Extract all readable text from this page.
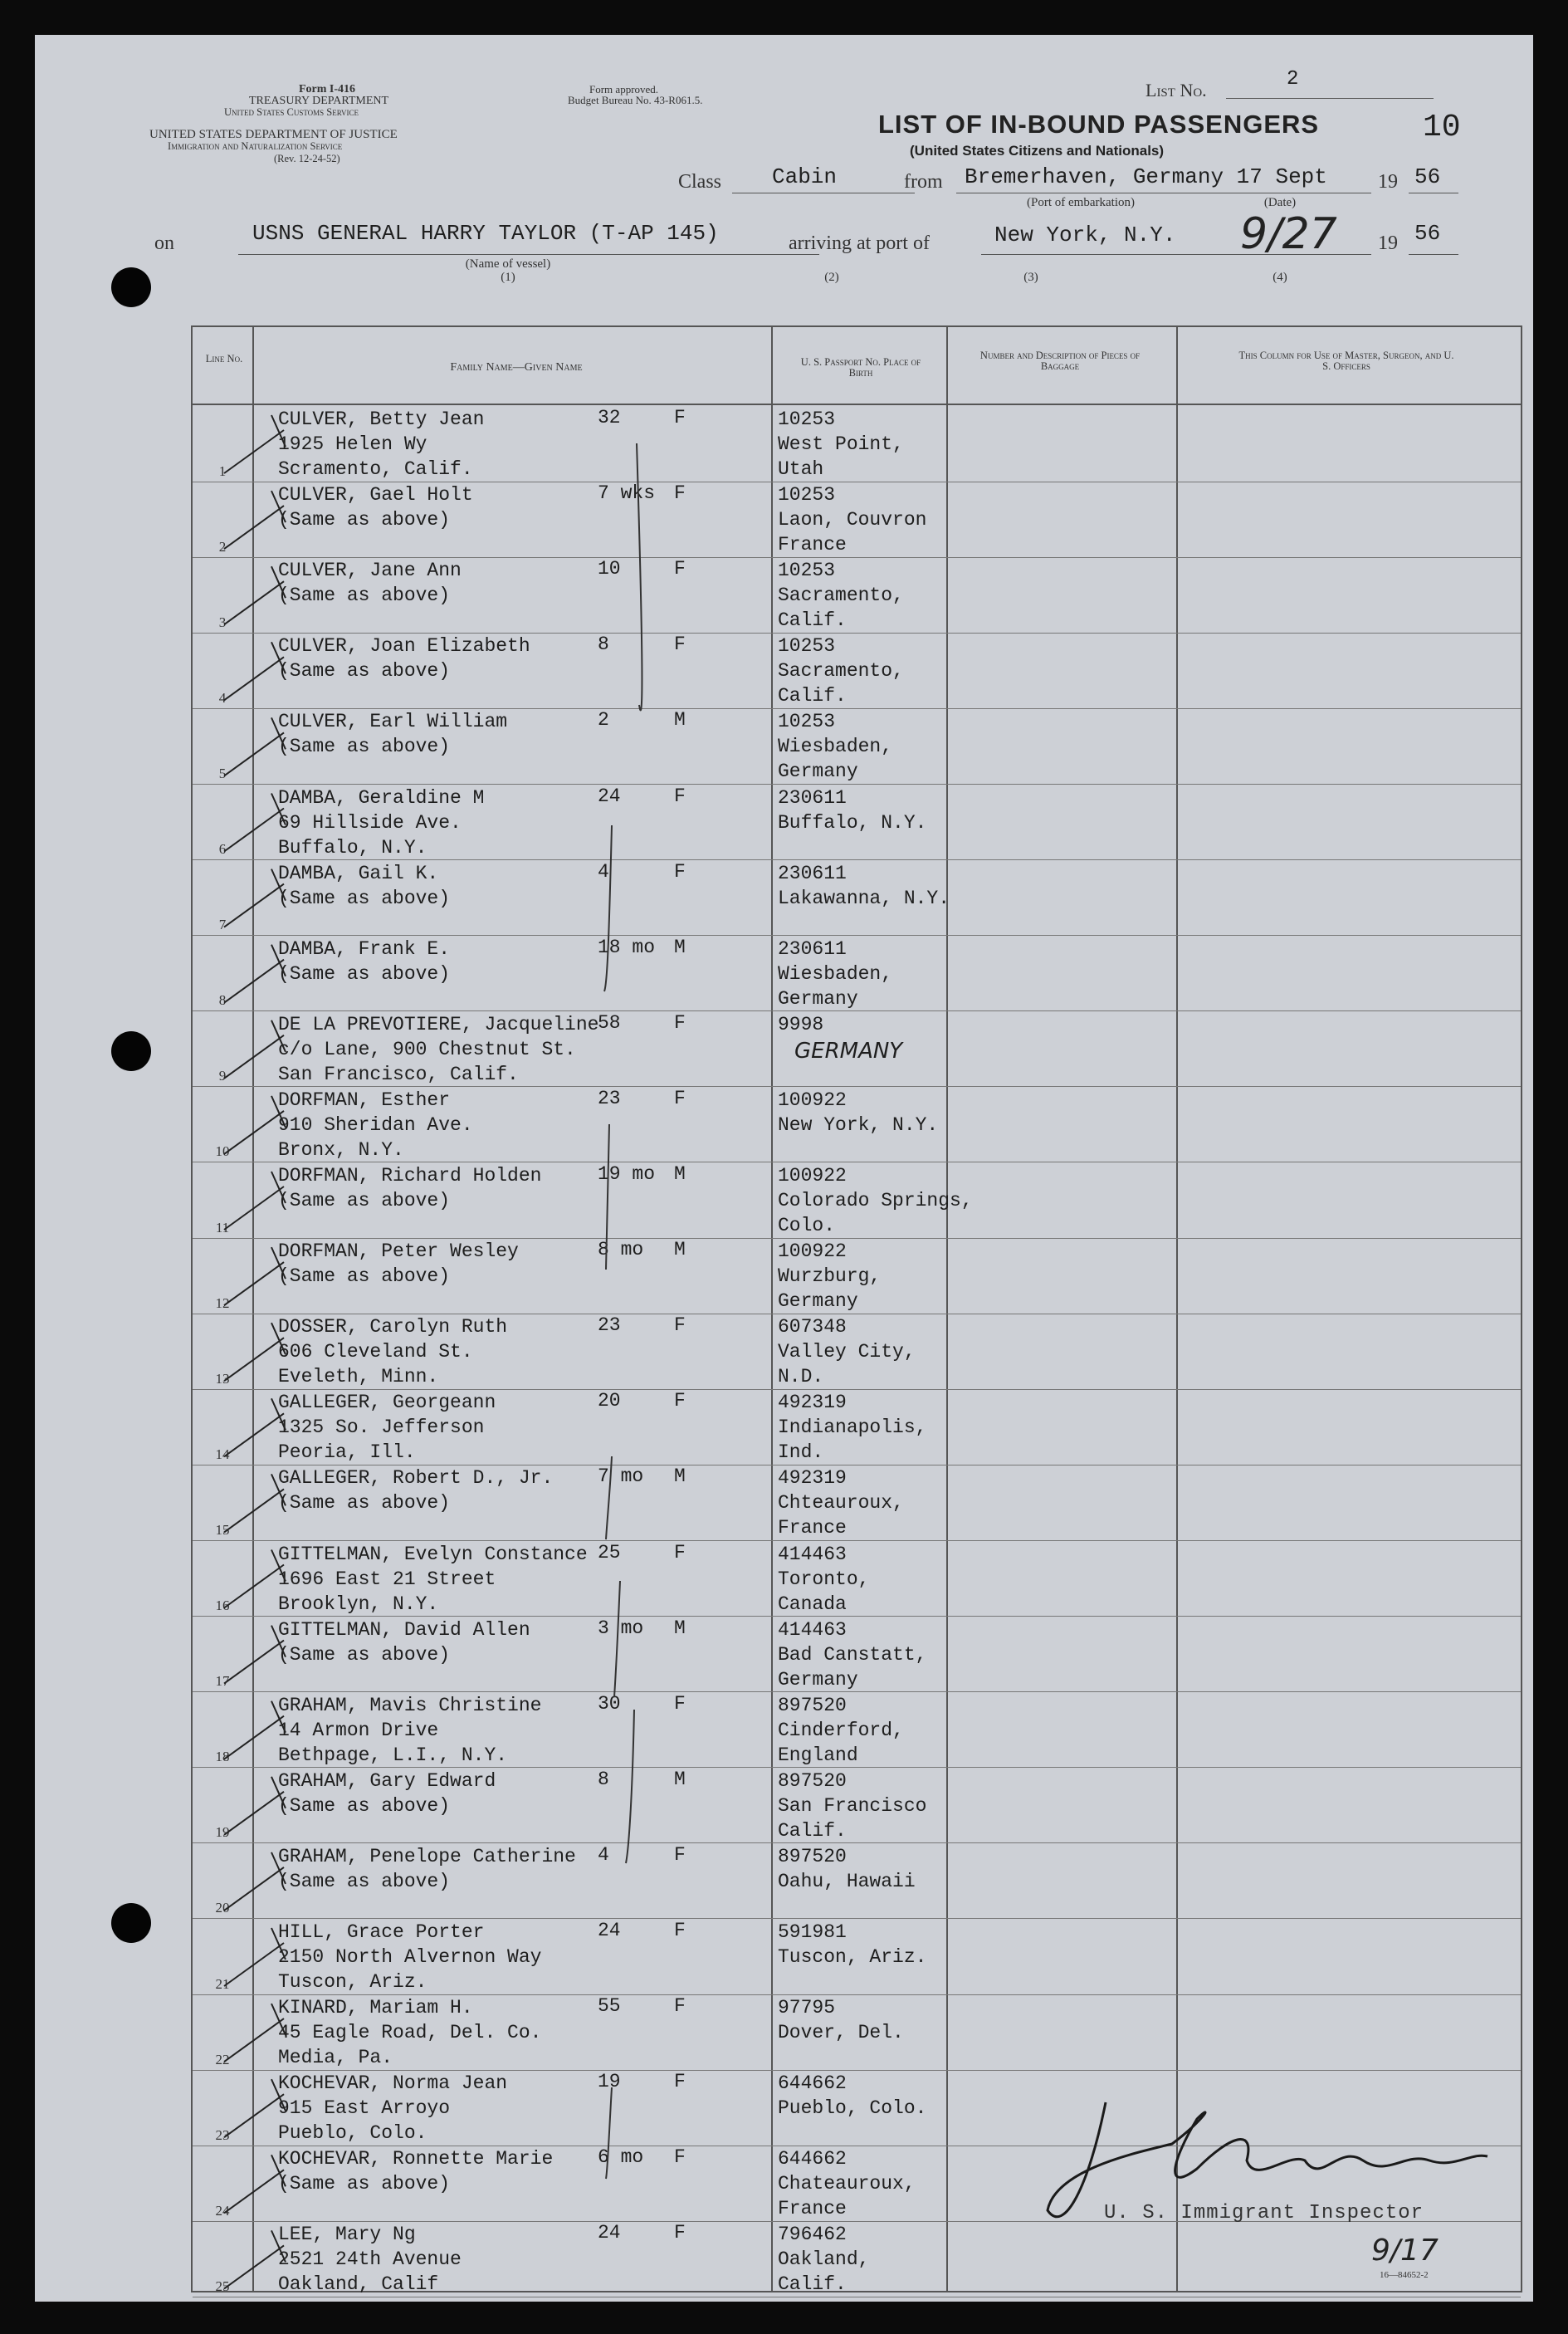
Form I-416
TREASURY DEPARTMENT
United States Customs Service
UNITED STATES DEPARTMENT OF JUSTICE
Immigration and Naturalization Service
(Rev. 12-24-52)
Form approved.
Budget Bureau No. 43-R061.5.	List No.	2
LIST OF IN-BOUND PASSENGERS
(United States Citizens and Nationals)
10
Class Cabin	from Bremerhaven, Germany 17 Sept	19 56
(Port of embarkation)	(Date)
on	USNS GENERAL HARRY TAYLOR (T-AP 145)
(Name of vessel)
(1)
arriving at port of
(2)
New York, N.Y.
(3)
9/27
(4)
19 56
Line No.
Family Name—Given Name	U. S. Passport No. Place of Birth
Number and Description of Pieces of Baggage
This Column for Use of Master, Surgeon, and U. S. Officers
1
CULVER, Betty Jean
1925 Helen Wy
Scramento, Calif.
32	F	10253
West Point,
Utah
2
CULVER, Gael Holt
(Same as above)
7 wks F	10253
Laon, Couvron
France
3
CULVER, Jane Ann
(Same as above)
10	F	10253
Sacramento,
Calif.
4
CULVER, Joan Elizabeth
(Same as above)
8	F	10253
Sacramento,
Calif.
5
CULVER, Earl William
(Same as above)
2	M	10253
Wiesbaden,
Germany
6
DAMBA, Geraldine M
69 Hillside Ave.
Buffalo, N.Y.
24	F	230611
Buffalo, N.Y.
7
DAMBA, Gail K.
(Same as above)
4	F	230611
Lakawanna, N.Y.
8
DAMBA, Frank E.
(Same as above)
18 mo M	230611
Wiesbaden,
Germany
9
DE LA PREVOTIERE, Jacqueline
c/o Lane, 900 Chestnut St.
San Francisco, Calif.
58	F	9998
GERMANY
10
DORFMAN, Esther
910 Sheridan Ave.
Bronx, N.Y.
23	F	100922
New York, N.Y.
11
DORFMAN, Richard Holden
(Same as above)
19 mo M	100922
Colorado Springs,
Colo.
12
DORFMAN, Peter Wesley
(Same as above)
8 mo M	100922
Wurzburg,
Germany
13
DOSSER, Carolyn Ruth
606 Cleveland St.
Eveleth, Minn.
23	F	607348
Valley City,
N.D.
14
GALLEGER, Georgeann
1325 So. Jefferson
Peoria, Ill.
20	F	492319
Indianapolis,
Ind.
15
GALLEGER, Robert D., Jr.
(Same as above)
7 mo M	492319
Chteauroux,
France
16
GITTELMAN, Evelyn Constance
1696 East 21 Street
Brooklyn, N.Y.
25	F	414463
Toronto,
Canada
17
GITTELMAN, David Allen
(Same as above)
3 mo M	414463
Bad Canstatt,
Germany
18
GRAHAM, Mavis Christine
14 Armon Drive
Bethpage, L.I., N.Y.
30	F	897520
Cinderford,
England
19
GRAHAM, Gary Edward
(Same as above)
8	M	897520
San Francisco
Calif.
20
GRAHAM, Penelope Catherine
(Same as above)
4	F	897520
Oahu, Hawaii
21
HILL, Grace Porter
2150 North Alvernon Way
Tuscon, Ariz.
24	F	591981
Tuscon, Ariz.
22
KINARD, Mariam H.
45 Eagle Road, Del. Co.
Media, Pa.
55	F	97795
Dover, Del.
23
KOCHEVAR, Norma Jean
915 East Arroyo
Pueblo, Colo.
19	F	644662
Pueblo, Colo.
24
KOCHEVAR, Ronnette Marie
(Same as above)
6 mo F	644662
Chateauroux,
France
25
LEE, Mary Ng
2521 24th Avenue
Oakland, Calif
24	F	796462
Oakland,
Calif.
U. S. Immigrant Inspector
9/17
16—84652-2
